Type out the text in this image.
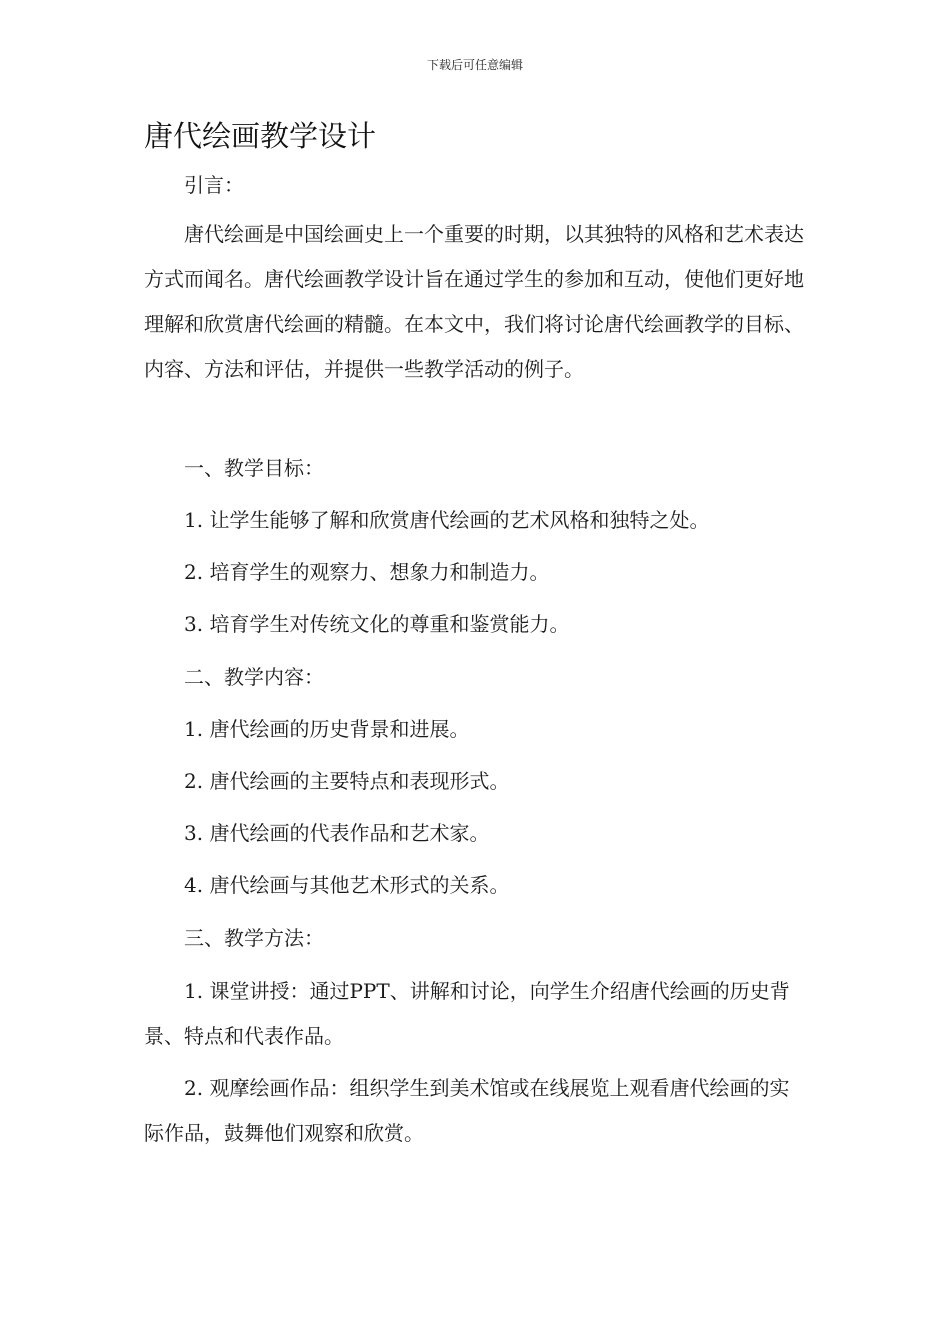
下载后可任意编辑
唐代绘画教学设计

引言：

唐代绘画是中国绘画史上一个重要的时期，以其独特的风格和艺术表达方式而闻名。唐代绘画教学设计旨在通过学生的参加和互动，使他们更好地理解和欣赏唐代绘画的精髓。在本文中，我们将讨论唐代绘画教学的目标、内容、方法和评估，并提供一些教学活动的例子。

一、教学目标：

1. 让学生能够了解和欣赏唐代绘画的艺术风格和独特之处。

2. 培育学生的观察力、想象力和制造力。

3. 培育学生对传统文化的尊重和鉴赏能力。

二、教学内容：

1. 唐代绘画的历史背景和进展。

2. 唐代绘画的主要特点和表现形式。

3. 唐代绘画的代表作品和艺术家。

4. 唐代绘画与其他艺术形式的关系。

三、教学方法：

1. 课堂讲授：通过PPT、讲解和讨论，向学生介绍唐代绘画的历史背景、特点和代表作品。

2. 观摩绘画作品：组织学生到美术馆或在线展览上观看唐代绘画的实际作品，鼓舞他们观察和欣赏。
